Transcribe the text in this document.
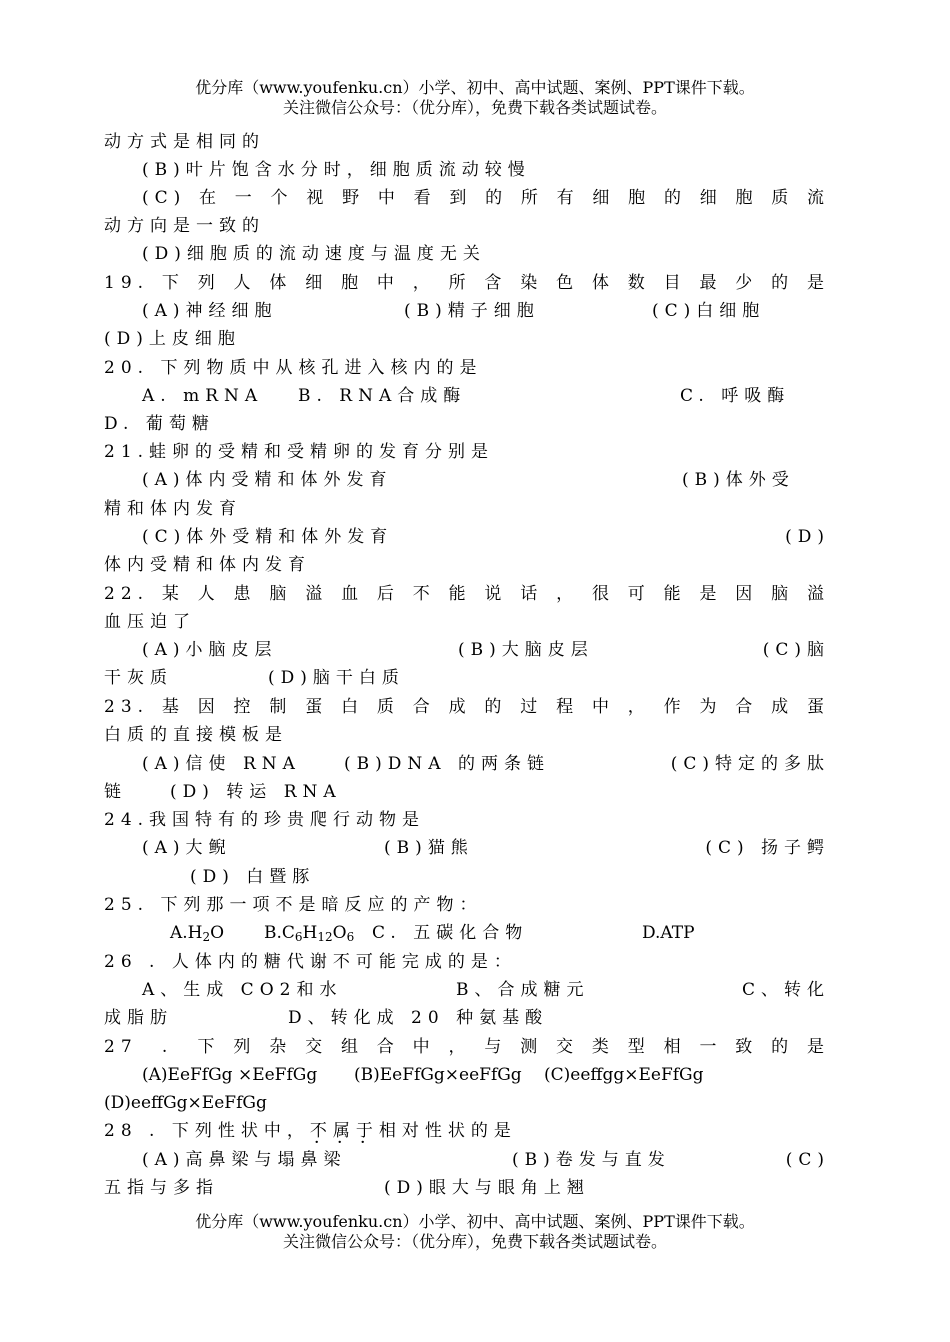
优分库（www.youfenku.cn）小学、初中、高中试题、案例、PPT课件下载。
关注微信公众号：（优分库），免费下载各类试题试卷。
动方式是相同的
(B)叶片饱含水分时，细胞质流动较慢
(C)在一个视野中看到的所有细胞的细胞质流
动方向是一致的
(D)细胞质的流动速度与温度无关
19.下列人体细胞中，所含染色体数目最少的是
(A)神经细胞	(B)精子细胞	(C)白细胞
(D)上皮细胞
20. 下列物质中从核孔进入核内的是
A. mRNA B. RNA合成酶	C. 呼吸酶
D. 葡萄糖
21.蛙卵的受精和受精卵的发育分别是
(A)体内受精和体外发育	(B)体外受
精和体内发育
(C)体外受精和体外发育	(D)
体内受精和体内发育
22.某人患脑溢血后不能说话，很可能是因脑溢
血压迫了
(A)小脑皮层	(B)大脑皮层	(C)脑
干灰质	(D)脑干白质
23.基因控制蛋白质合成的过程中，作为合成蛋
白质的直接模板是
(A)信使 RNA	(B)DNA 的两条链	(C)特定的多肽
链	(D) 转运 RNA
24.我国特有的珍贵爬行动物是
(A)大鲵	(B)猫熊	(C) 扬子鳄
(D) 白暨豚
25. 下列那一项不是暗反应的产物：
A.H2O B.C6H12O6 C. 五碳化合物	D.ATP
26 . 人体内的糖代谢不可能完成的是：
A、生成 CO2和水	B、合成糖元	C、转化
成脂肪	D、转化成 20 种氨基酸
27 . 下列杂交组合中，与测交类型相一致的是
(A)EeFfGg ×EeFfGg (B)EeFfGg×eeFfGg (C)eeffgg×EeFfGg
(D)eeffGg×EeFfGg
28 . 下列性状中，不属于相对性状的是
(A)高鼻梁与塌鼻梁	(B)卷发与直发	(C)
五指与多指	(D)眼大与眼角上翘
优分库（www.youfenku.cn）小学、初中、高中试题、案例、PPT课件下载。
关注微信公众号：（优分库），免费下载各类试题试卷。
